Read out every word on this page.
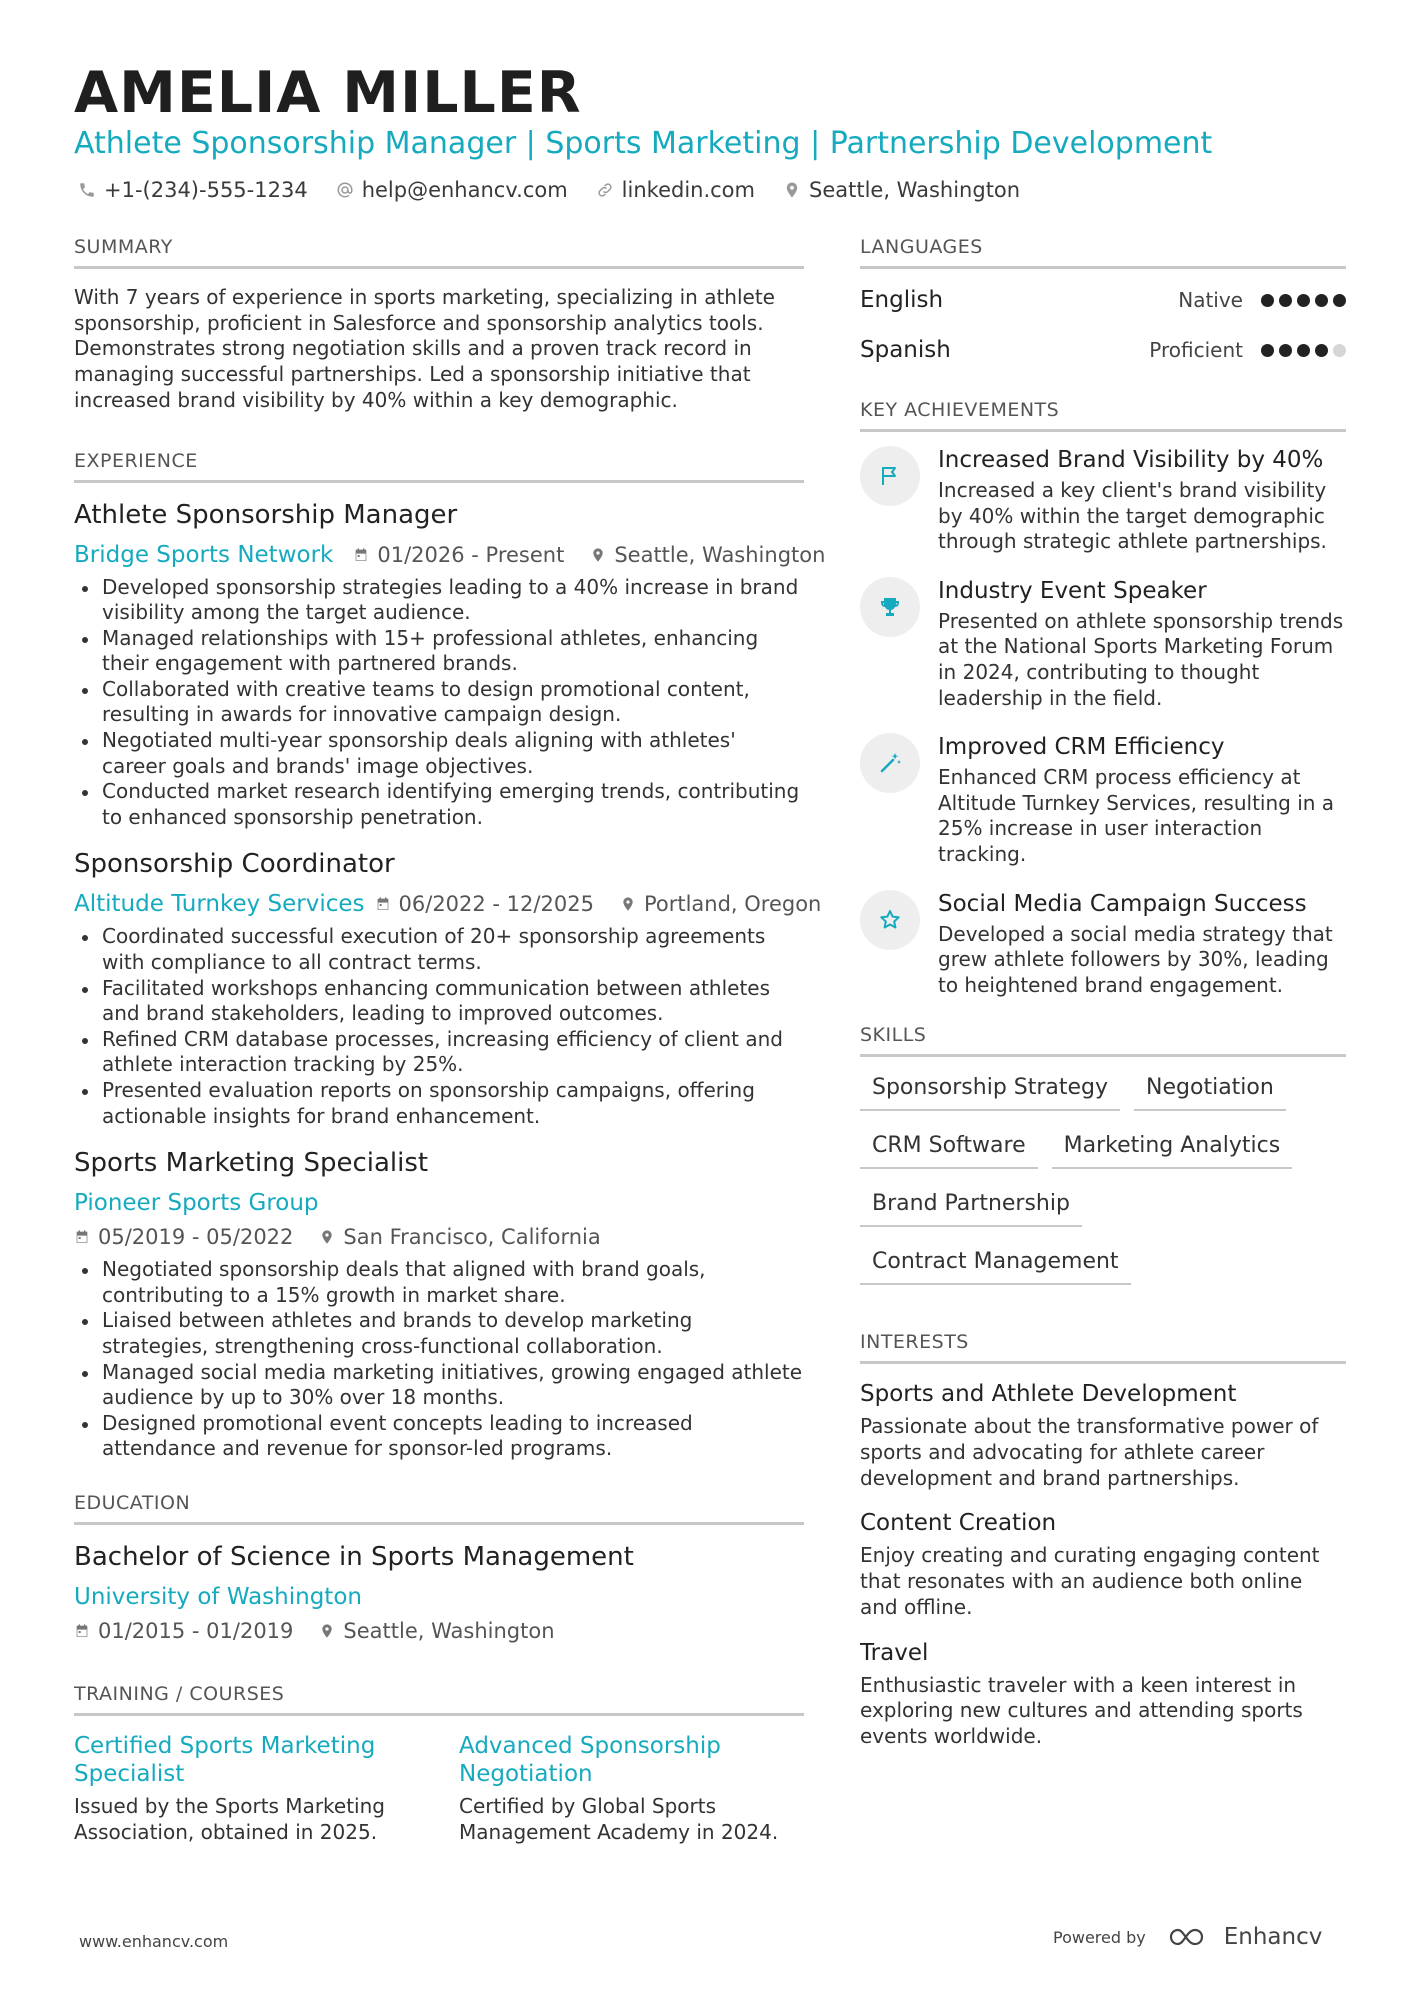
AMELIA MILLER
Athlete Sponsorship Manager | Sports Marketing | Partnership Development
+1-(234)-555-1234	help@enhancv.com	linkedin.com	Seattle, Washington
SUMMARY

With 7 years of experience in sports marketing, specializing in athlete sponsorship, proficient in Salesforce and sponsorship analytics tools. Demonstrates strong negotiation skills and a proven track record in managing successful partnerships. Led a sponsorship initiative that increased brand visibility by 40% within a key demographic.

EXPERIENCE
Athlete Sponsorship Manager
Bridge Sports Network 01/2026 - Present Seattle, Washington
Developed sponsorship strategies leading to a 40% increase in brand visibility among the target audience.
Managed relationships with 15+ professional athletes, enhancing their engagement with partnered brands.
Collaborated with creative teams to design promotional content, resulting in awards for innovative campaign design.
Negotiated multi-year sponsorship deals aligning with athletes' career goals and brands' image objectives.
Conducted market research identifying emerging trends, contributing to enhanced sponsorship penetration.
Sponsorship Coordinator
Altitude Turnkey Services 06/2022 - 12/2025 Portland, Oregon
Coordinated successful execution of 20+ sponsorship agreements with compliance to all contract terms.
Facilitated workshops enhancing communication between athletes and brand stakeholders, leading to improved outcomes.
Refined CRM database processes, increasing efficiency of client and athlete interaction tracking by 25%.
Presented evaluation reports on sponsorship campaigns, offering actionable insights for brand enhancement.
Sports Marketing Specialist
Pioneer Sports Group
05/2019 - 05/2022 San Francisco, California
Negotiated sponsorship deals that aligned with brand goals, contributing to a 15% growth in market share.
Liaised between athletes and brands to develop marketing strategies, strengthening cross-functional collaboration.
Managed social media marketing initiatives, growing engaged athlete audience by up to 30% over 18 months.
Designed promotional event concepts leading to increased attendance and revenue for sponsor-led programs.
EDUCATION
Bachelor of Science in Sports Management
University of Washington
01/2015 - 01/2019 Seattle, Washington
TRAINING / COURSES
Certified Sports Marketing Specialist

Issued by the Sports Marketing Association, obtained in 2025.

Advanced Sponsorship Negotiation

Certified by Global Sports Management Academy in 2024.

LANGUAGES
English	Native
Spanish	Proficient
KEY ACHIEVEMENTS
Increased Brand Visibility by 40%

Increased a key client's brand visibility by 40% within the target demographic through strategic athlete partnerships.

Industry Event Speaker

Presented on athlete sponsorship trends at the National Sports Marketing Forum in 2024, contributing to thought leadership in the field.

Improved CRM Efficiency

Enhanced CRM process efficiency at Altitude Turnkey Services, resulting in a 25% increase in user interaction tracking.

Social Media Campaign Success

Developed a social media strategy that grew athlete followers by 30%, leading to heightened brand engagement.

SKILLS
Sponsorship Strategy	Negotiation
CRM Software	Marketing Analytics
Brand Partnership
Contract Management
INTERESTS
Sports and Athlete Development

Passionate about the transformative power of sports and advocating for athlete career development and brand partnerships.

Content Creation

Enjoy creating and curating engaging content that resonates with an audience both online and offline.

Travel

Enthusiastic traveler with a keen interest in exploring new cultures and attending sports events worldwide.

www.enhancv.com	Powered by	Enhancv
